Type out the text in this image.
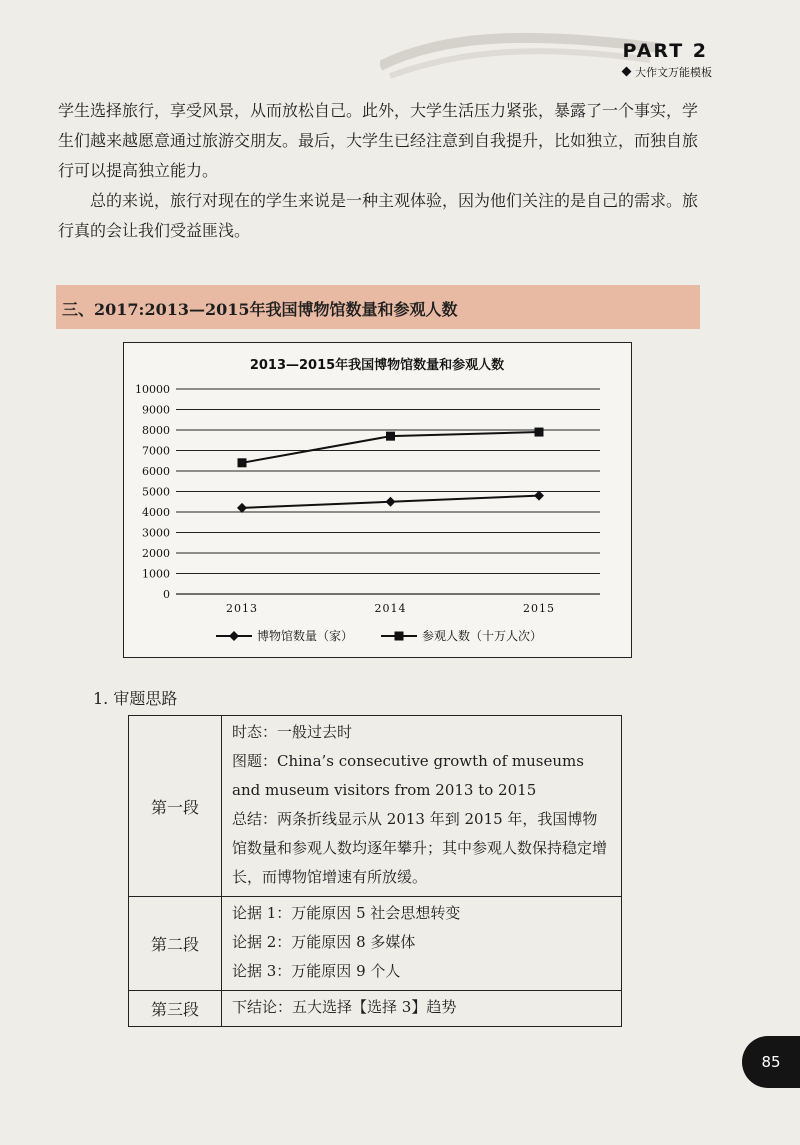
PART 2
大作文万能模板

学生选择旅行，享受风景，从而放松自己。此外，大学生活压力紧张，暴露了一个事实，学生们越来越愿意通过旅游交朋友。最后，大学生已经注意到自我提升，比如独立，而独自旅行可以提高独立能力。

总的来说，旅行对现在的学生来说是一种主观体验，因为他们关注的是自己的需求。旅行真的会让我们受益匪浅。

三、2017:2013—2015年我国博物馆数量和参观人数
2013—2015年我国博物馆数量和参观人数
0
1000
2000
3000
4000
5000
6000
7000
8000
9000
10000
2013	2014	2015
博物馆数量（家）	参观人数（十万人次）
1. 审题思路
第一段	时态：一般过去时

图题：China’s consecutive growth of museums and museum visitors from 2013 to 2015

总结：两条折线显示从 2013 年到 2015 年，我国博物馆数量和参观人数均逐年攀升；其中参观人数保持稳定增长，而博物馆增速有所放缓。

第二段	论据 1：万能原因 5 社会思想转变

论据 2：万能原因 8 多媒体

论据 3：万能原因 9 个人

第三段	下结论：五大选择【选择 3】趋势

85
